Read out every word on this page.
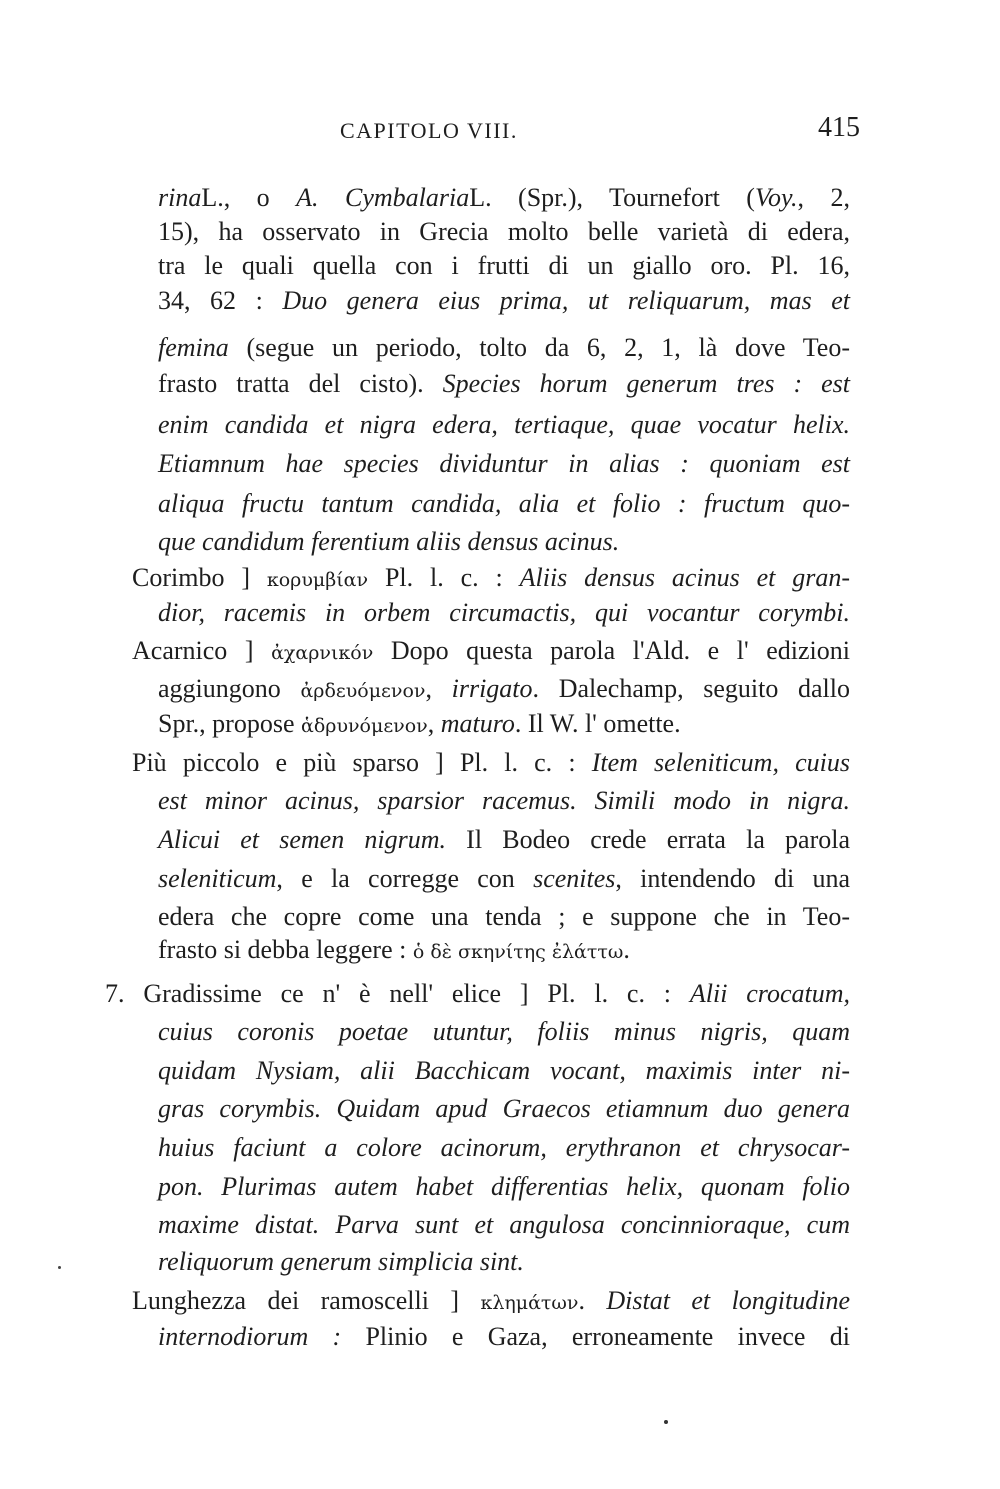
CAPITOLO VIII.	415
rinaL., o A. CymbalariaL. (Spr.), Tournefort (Voy., 2,
15), ha osservato in Grecia molto belle varietà di edera,
tra le quali quella con i frutti di un giallo oro. Pl. 16,
34, 62 : Duo genera eius prima, ut reliquarum, mas et
femina (segue un periodo, tolto da 6, 2, 1, là dove Teo-
frasto tratta del cisto). Species horum generum tres : est
enim candida et nigra edera, tertiaque, quae vocatur helix.
Etiamnum hae species dividuntur in alias : quoniam est
aliqua fructu tantum candida, alia et folio : fructum quo-
que candidum ferentium aliis densus acinus.
Corimbo ] κορυμβίαν Pl. l. c. : Aliis densus acinus et gran-
dior, racemis in orbem circumactis, qui vocantur corymbi.
Acarnico ] ἀχαρνικόν Dopo questa parola l'Ald. e l' edizioni
aggiungono ἀρδευόμενον, irrigato. Dalechamp, seguito dallo
Spr., propose ἁδρυνόμενον, maturo. Il W. l' omette.
Più piccolo e più sparso ] Pl. l. c. : Item seleniticum, cuius
est minor acinus, sparsior racemus. Simili modo in nigra.
Alicui et semen nigrum. Il Bodeo crede errata la parola
seleniticum, e la corregge con scenites, intendendo di una
edera che copre come una tenda ; e suppone che in Teo-
frasto si debba leggere : ὁ δὲ σκηνίτης ἐλάττω.
7. Gradissime ce n' è nell' elice ] Pl. l. c. : Alii crocatum,
cuius coronis poetae utuntur, foliis minus nigris, quam
quidam Nysiam, alii Bacchicam vocant, maximis inter ni-
gras corymbis. Quidam apud Graecos etiamnum duo genera
huius faciunt a colore acinorum, erythranon et chrysocar-
pon. Plurimas autem habet differentias helix, quonam folio
maxime distat. Parva sunt et angulosa concinnioraque, cum
reliquorum generum simplicia sint.
Lunghezza dei ramoscelli ] κλημάτων. Distat et longitudine
internodiorum : Plinio e Gaza, erroneamente invece di
